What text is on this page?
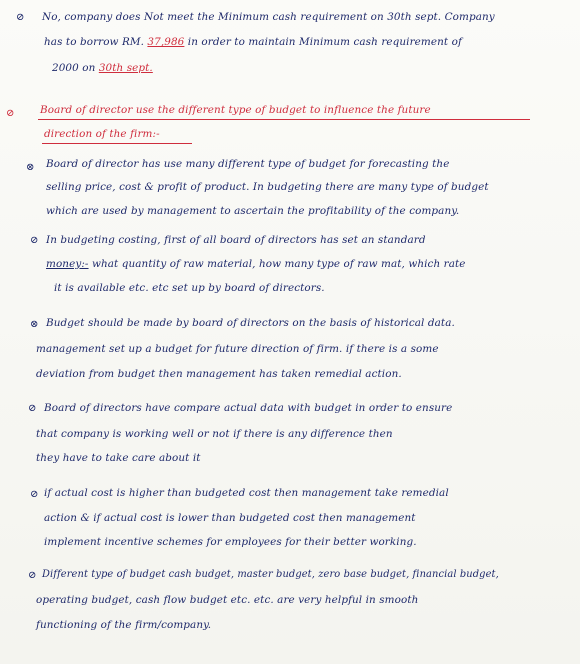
⊘ No, company does Not meet the Minimum cash requirement on 30th sept. Company
has to borrow RM. 37,986 in order to maintain Minimum cash requirement of
2000 on 30th sept.
⊘ Board of director use the different type of budget to influence the future
direction of the firm:-
⊗ Board of director has use many different type of budget for forecasting the
selling price, cost & profit of product. In budgeting there are many type of budget
which are used by management to ascertain the profitability of the company.
⊘ In budgeting costing, first of all board of directors has set an standard
money:- what quantity of raw material, how many type of raw mat, which rate
it is available etc. etc set up by board of directors.
⊗ Budget should be made by board of directors on the basis of historical data.
management set up a budget for future direction of firm. if there is a some
deviation from budget then management has taken remedial action.
⊘ Board of directors have compare actual data with budget in order to ensure
that company is working well or not if there is any difference then
they have to take care about it
⊘ if actual cost is higher than budgeted cost then management take remedial
action & if actual cost is lower than budgeted cost then management
implement incentive schemes for employees for their better working.
⊘ Different type of budget cash budget, master budget, zero base budget, financial budget,
operating budget, cash flow budget etc. etc. are very helpful in smooth
functioning of the firm/company.
